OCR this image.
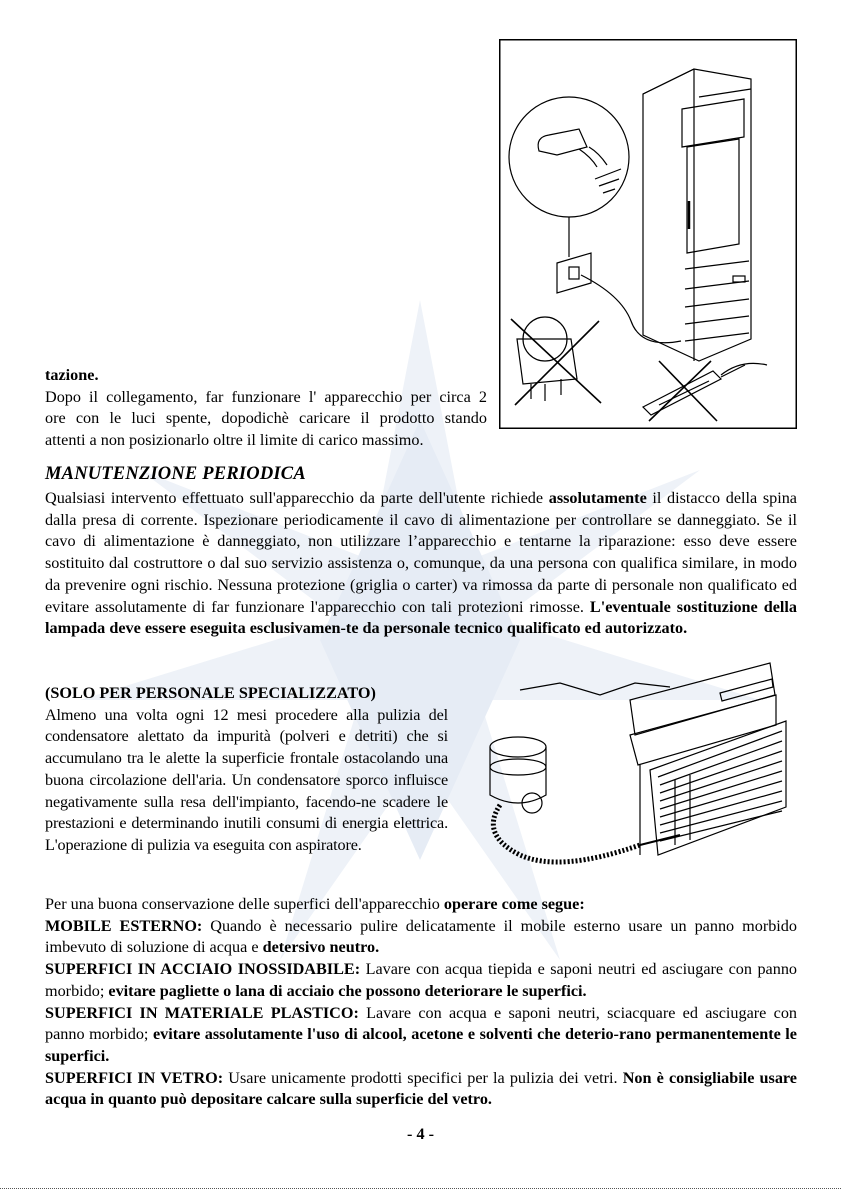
tazione.
Dopo il collegamento, far funzionare l' apparecchio per circa 2
ore con le luci spente, dopodichè caricare il prodotto stando
attenti a non posizionarlo oltre il limite di carico massimo.
MANUTENZIONE PERIODICA
Qualsiasi intervento effettuato sull'apparecchio da parte dell'utente richiede assolutamente il distacco della spina dalla presa di corrente. Ispezionare periodicamente il cavo di alimentazione per controllare se danneggiato. Se il cavo di alimentazione è danneggiato, non utilizzare l’apparecchio e tentarne la riparazione: esso deve essere sostituito dal costruttore o dal suo servizio assistenza o, comunque, da una persona con qualifica similare, in modo da prevenire ogni rischio. Nessuna protezione (griglia o carter) va rimossa da parte di personale non qualificato ed evitare assolutamente di far funzionare l'apparecchio con tali protezioni rimosse. L'eventuale sostituzione della lampada deve essere eseguita esclusivamen-te da personale tecnico qualificato ed autorizzato.
(SOLO PER PERSONALE SPECIALIZZATO)
Almeno una volta ogni 12 mesi procedere alla pulizia del condensatore alettato da impurità (polveri e detriti) che si accumulano tra le alette la superficie frontale ostacolando una buona circolazione dell'aria. Un condensatore sporco influisce negativamente sulla resa dell'impianto, facendo-ne scadere le prestazioni e determinando inutili consumi di energia elettrica. L'operazione di pulizia va eseguita con aspiratore.
Per una buona conservazione delle superfici dell'apparecchio operare come segue:
MOBILE ESTERNO: Quando è necessario pulire delicatamente il mobile esterno usare un panno morbido imbevuto di soluzione di acqua e detersivo neutro.
SUPERFICI IN ACCIAIO INOSSIDABILE: Lavare con acqua tiepida e saponi neutri ed asciugare con panno morbido; evitare pagliette o lana di acciaio che possono deteriorare le superfici.
SUPERFICI IN MATERIALE PLASTICO: Lavare con acqua e saponi neutri, sciacquare ed asciugare con panno morbido; evitare assolutamente l'uso di alcool, acetone e solventi che deterio-rano permanentemente le superfici.
SUPERFICI IN VETRO: Usare unicamente prodotti specifici per la pulizia dei vetri. Non è consigliabile usare acqua in quanto può depositare calcare sulla superficie del vetro.
- 4 -
